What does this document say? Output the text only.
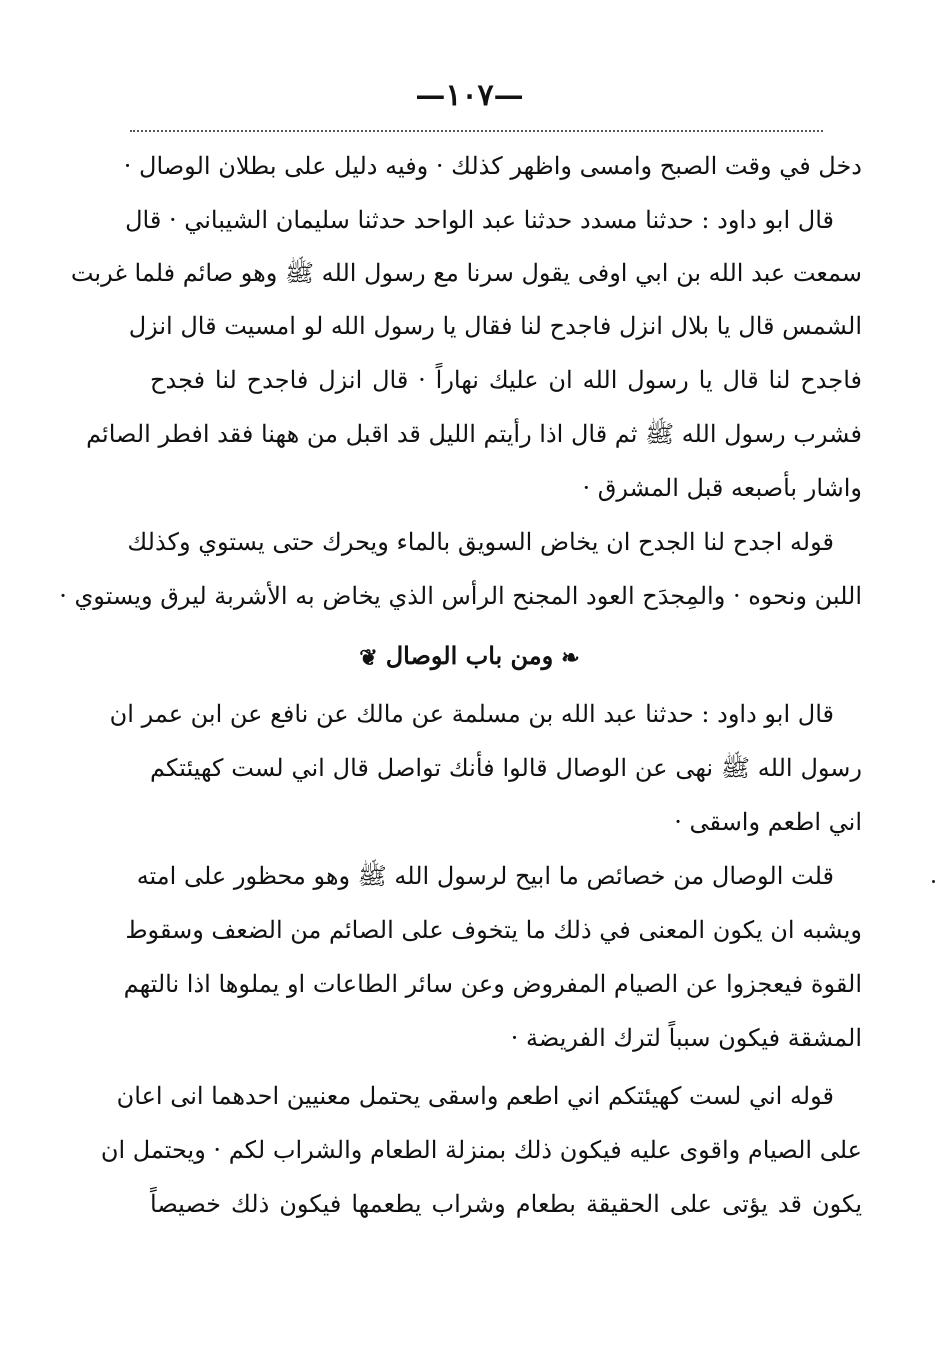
—١٠٧—
دخل في وقت الصبح وامسى واظهر كذلك · وفيه دليل على بطلان الوصال ·
قال ابو داود : حدثنا مسدد حدثنا عبد الواحد حدثنا سليمان الشيباني · قال
سمعت عبد الله بن ابي اوفى يقول سرنا مع رسول الله ﷺ وهو صائم فلما غربت
الشمس قال يا بلال انزل فاجدح لنا فقال يا رسول الله لو امسيت قال انزل
فاجدح لنا قال يا رسول الله ان عليك نهاراً · قال انزل فاجدح لنا فجدح
فشرب رسول الله ﷺ ثم قال اذا رأيتم الليل قد اقبل من ههنا فقد افطر الصائم
واشار بأصبعه قبل المشرق ·
قوله اجدح لنا الجدح ان يخاض السويق بالماء ويحرك حتى يستوي وكذلك
اللبن ونحوه · والمِجدَح العود المجنح الرأس الذي يخاض به الأشربة ليرق ويستوي ·
❧ومن باب الوصال❦
قال ابو داود : حدثنا عبد الله بن مسلمة عن مالك عن نافع عن ابن عمر ان
رسول الله ﷺ نهى عن الوصال قالوا فأنك تواصل قال اني لست كهيئتكم
اني اطعم واسقى ·
قلت الوصال من خصائص ما ابيح لرسول الله ﷺ وهو محظور على امته
ويشبه ان يكون المعنى في ذلك ما يتخوف على الصائم من الضعف وسقوط
القوة فيعجزوا عن الصيام المفروض وعن سائر الطاعات او يملوها اذا نالتهم
المشقة فيكون سبباً لترك الفريضة ·
قوله اني لست كهيئتكم اني اطعم واسقى يحتمل معنيين احدهما انى اعان
على الصيام واقوى عليه فيكون ذلك بمنزلة الطعام والشراب لكم · ويحتمل ان
يكون قد يؤتى على الحقيقة بطعام وشراب يطعمها فيكون ذلك خصيصاً
